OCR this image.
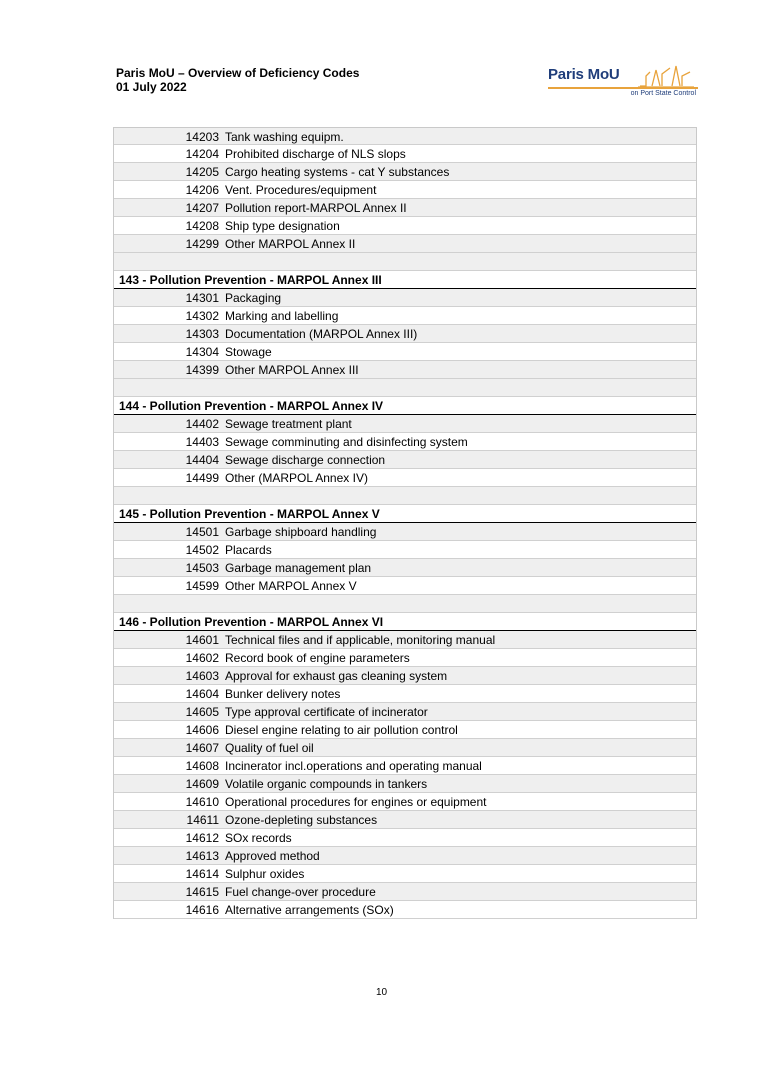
Paris MoU – Overview of Deficiency Codes
01 July 2022
Paris MoU
on Port State Control
14203 Tank washing equipm.
14204 Prohibited discharge of NLS slops
14205 Cargo heating systems - cat Y substances
14206 Vent. Procedures/equipment
14207 Pollution report-MARPOL Annex II
14208 Ship type designation
14299 Other MARPOL Annex II
143 - Pollution Prevention - MARPOL Annex III
14301 Packaging
14302 Marking and labelling
14303 Documentation (MARPOL Annex III)
14304 Stowage
14399 Other MARPOL Annex III
144 - Pollution Prevention - MARPOL Annex IV
14402 Sewage treatment plant
14403 Sewage comminuting and disinfecting system
14404 Sewage discharge connection
14499 Other (MARPOL Annex IV)
145 - Pollution Prevention - MARPOL Annex V
14501 Garbage shipboard handling
14502 Placards
14503 Garbage management plan
14599 Other MARPOL Annex V
146 - Pollution Prevention - MARPOL Annex VI
14601 Technical files and if applicable, monitoring manual
14602 Record book of engine parameters
14603 Approval for exhaust gas cleaning system
14604 Bunker delivery notes
14605 Type approval certificate of incinerator
14606 Diesel engine relating to air pollution control
14607 Quality of fuel oil
14608 Incinerator incl.operations and operating manual
14609 Volatile organic compounds in tankers
14610 Operational procedures for engines or equipment
14611 Ozone-depleting substances
14612 SOx records
14613 Approved method
14614 Sulphur oxides
14615 Fuel change-over procedure
14616 Alternative arrangements (SOx)
10
